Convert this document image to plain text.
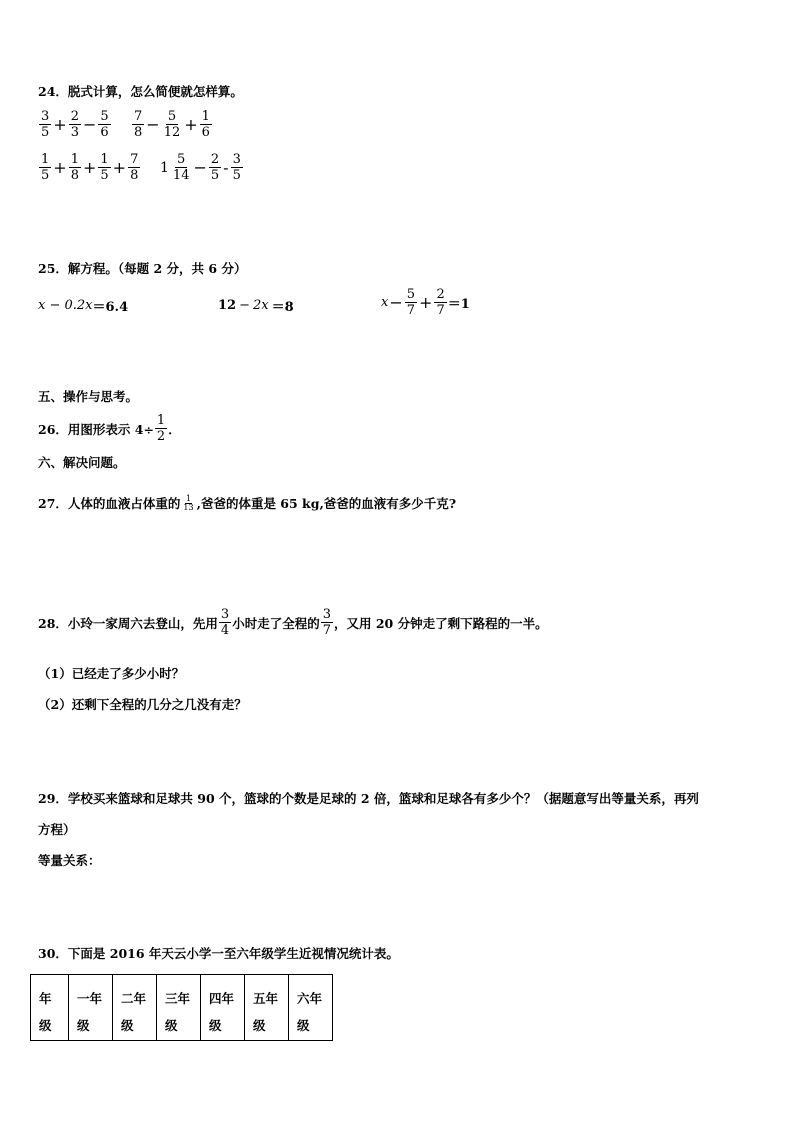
24．脱式计算，怎么简便就怎样算。
$\frac{3}{5} + \frac{2}{3} - \frac{5}{6} \frac{7}{8} - \frac{5}{12} + \frac{1}{6}$
$\frac{1}{5} + \frac{1}{8} + \frac{1}{5} + \frac{7}{8} 1 \frac{5}{14} - \frac{2}{5} - \frac{3}{5}$
25．解方程。（每题 2 分，共 6 分）
x − 0.2x ＝6.4	12 − 2x ＝8	$x - \frac{5}{7} + \frac{2}{7} =1$
五、操作与思考。
26．用图形表示 $4\div \frac{1}{2}$ ．
六、解决问题。
27．人体的血液占体重的 $\frac{1}{13}$ ,爸爸的体重是 65 kg,爸爸的血液有多少千克?
28．小玲一家周六去登山，先用 $\frac{3}{4}$ 小时走了全程的 $\frac{3}{7}$ ，又用 20 分钟走了剩下路程的一半。
（1）已经走了多少小时？
（2）还剩下全程的几分之几没有走？
29．学校买来篮球和足球共 90 个，篮球的个数是足球的 2 倍，篮球和足球各有多少个？（据题意写出等量关系，再列
方程）
等量关系：
30．下面是 2016 年天云小学一至六年级学生近视情况统计表。
年级	一年级	二年级	三年级	四年级	五年级	六年级
